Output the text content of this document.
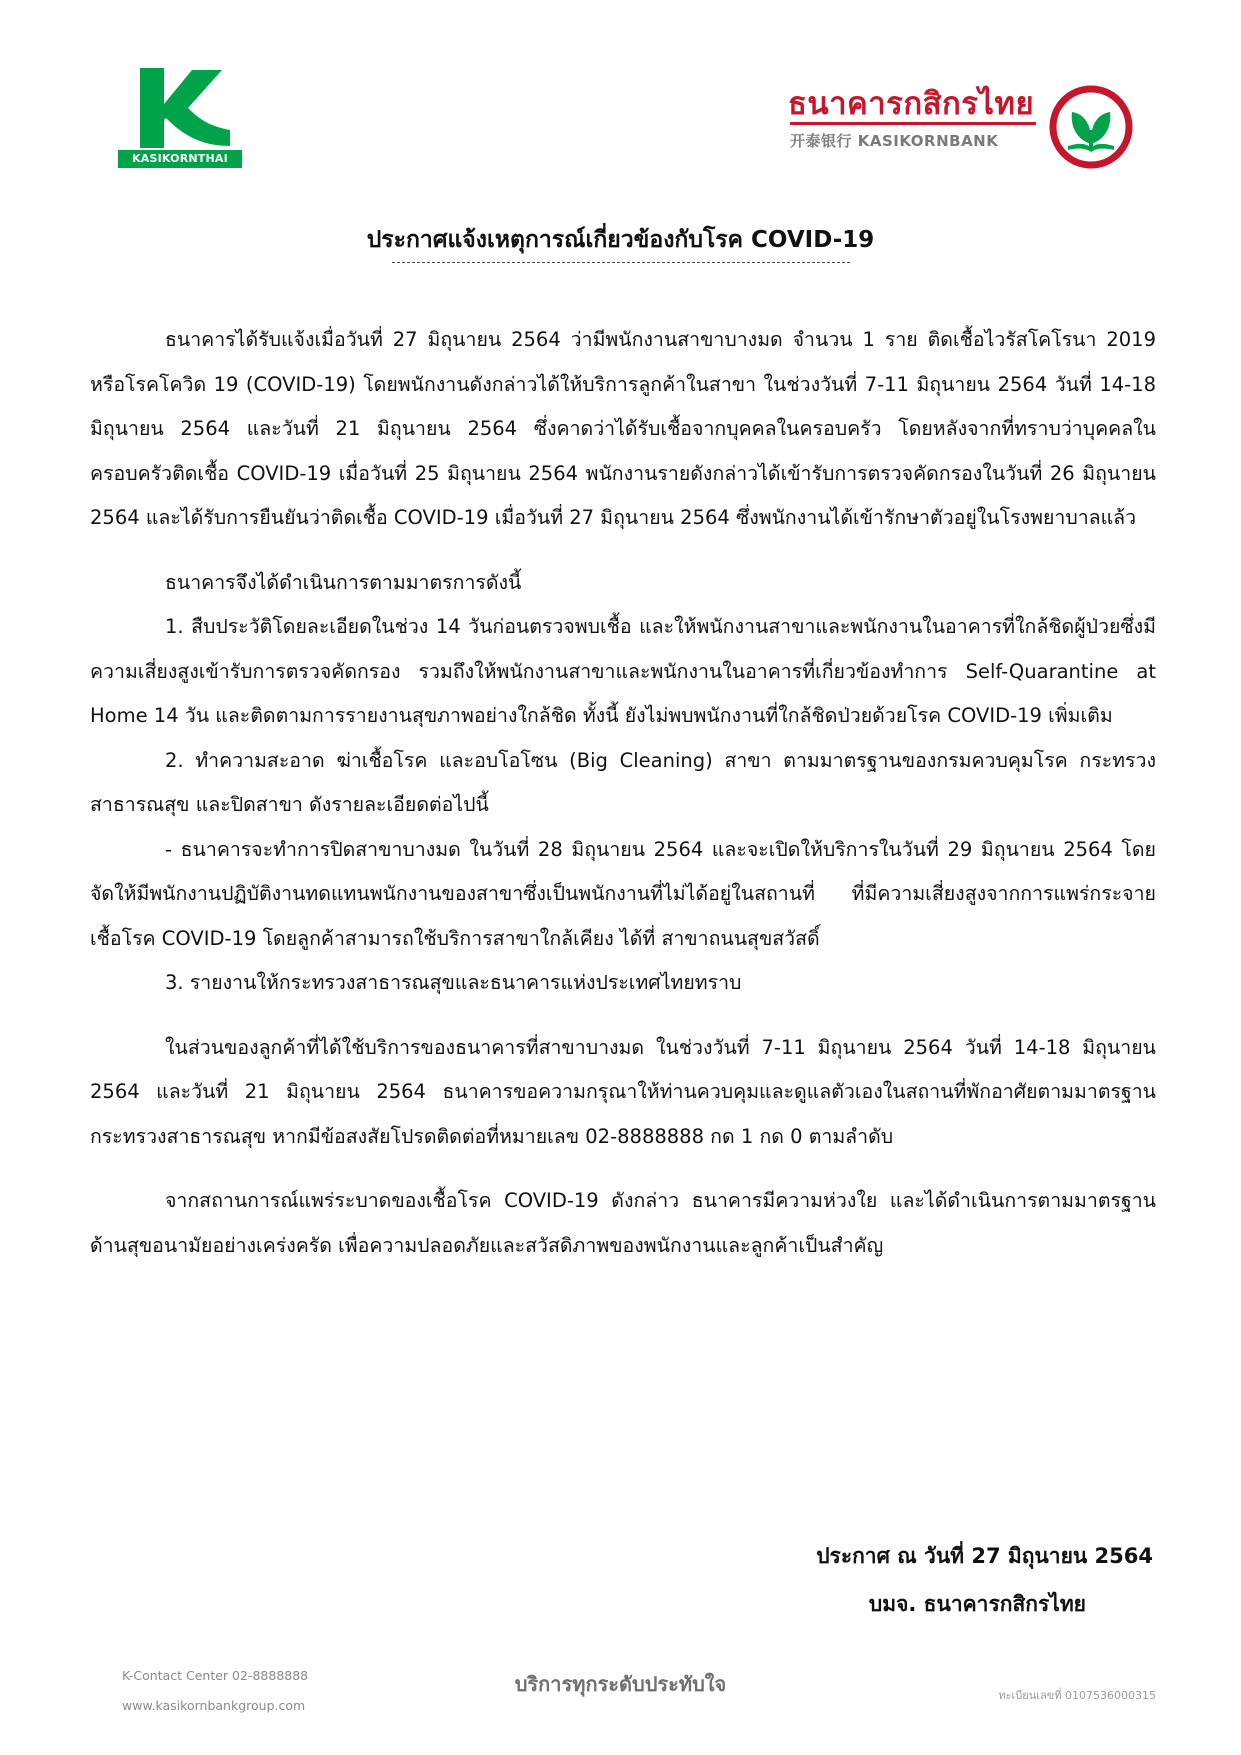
KASIKORNTHAI
ธนาคารกสิกรไทย
开泰银行 KASIKORNBANK
ประกาศแจ้งเหตุการณ์เกี่ยวข้องกับโรค COVID-19

ธนาคารได้รับแจ้งเมื่อวันที่ 27 มิถุนายน 2564 ว่ามีพนักงานสาขาบางมด จำนวน 1 ราย ติดเชื้อไวรัสโคโรนา 2019 หรือโรคโควิด 19 (COVID-19) โดยพนักงานดังกล่าวได้ให้บริการลูกค้าในสาขา ในช่วงวันที่ 7-11 มิถุนายน 2564 วันที่ 14-18 มิถุนายน 2564 และวันที่ 21 มิถุนายน 2564 ซึ่งคาดว่าได้รับเชื้อจากบุคคลในครอบครัว โดยหลังจากที่ทราบว่าบุคคลในครอบครัวติดเชื้อ COVID-19 เมื่อวันที่ 25 มิถุนายน 2564 พนักงานรายดังกล่าวได้เข้ารับการตรวจคัดกรองในวันที่ 26 มิถุนายน 2564 และได้รับการยืนยันว่าติดเชื้อ COVID-19 เมื่อวันที่ 27 มิถุนายน 2564 ซึ่งพนักงานได้เข้ารักษาตัวอยู่ในโรงพยาบาลแล้ว

ธนาคารจึงได้ดำเนินการตามมาตรการดังนี้

1. สืบประวัติโดยละเอียดในช่วง 14 วันก่อนตรวจพบเชื้อ และให้พนักงานสาขาและพนักงานในอาคารที่ใกล้ชิดผู้ป่วยซึ่งมีความเสี่ยงสูงเข้ารับการตรวจคัดกรอง รวมถึงให้พนักงานสาขาและพนักงานในอาคารที่เกี่ยวข้องทำการ Self-Quarantine at Home 14 วัน และติดตามการรายงานสุขภาพอย่างใกล้ชิด ทั้งนี้ ยังไม่พบพนักงานที่ใกล้ชิดป่วยด้วยโรค COVID-19 เพิ่มเติม

2. ทำความสะอาด ฆ่าเชื้อโรค และอบโอโซน (Big Cleaning) สาขา ตามมาตรฐานของกรมควบคุมโรค กระทรวงสาธารณสุข และปิดสาขา ดังรายละเอียดต่อไปนี้

- ธนาคารจะทำการปิดสาขาบางมด ในวันที่ 28 มิถุนายน 2564 และจะเปิดให้บริการในวันที่ 29 มิถุนายน 2564 โดยจัดให้มีพนักงานปฏิบัติงานทดแทนพนักงานของสาขาซึ่งเป็นพนักงานที่ไม่ได้อยู่ในสถานที่ ที่มีความเสี่ยงสูงจากการแพร่กระจายเชื้อโรค COVID-19 โดยลูกค้าสามารถใช้บริการสาขาใกล้เคียง ได้ที่ สาขาถนนสุขสวัสดิ์

3. รายงานให้กระทรวงสาธารณสุขและธนาคารแห่งประเทศไทยทราบ

ในส่วนของลูกค้าที่ได้ใช้บริการของธนาคารที่สาขาบางมด ในช่วงวันที่ 7-11 มิถุนายน 2564 วันที่ 14-18 มิถุนายน 2564 และวันที่ 21 มิถุนายน 2564 ธนาคารขอความกรุณาให้ท่านควบคุมและดูแลตัวเองในสถานที่พักอาศัยตามมาตรฐานกระทรวงสาธารณสุข หากมีข้อสงสัยโปรดติดต่อที่หมายเลข 02-8888888 กด 1 กด 0 ตามลำดับ

จากสถานการณ์แพร่ระบาดของเชื้อโรค COVID-19 ดังกล่าว ธนาคารมีความห่วงใย และได้ดำเนินการตามมาตรฐานด้านสุขอนามัยอย่างเคร่งครัด เพื่อความปลอดภัยและสวัสดิภาพของพนักงานและลูกค้าเป็นสำคัญ

ประกาศ ณ วันที่ 27 มิถุนายน 2564
บมจ. ธนาคารกสิกรไทย
K-Contact Center 02-8888888
www.kasikornbankgroup.com
บริการทุกระดับประทับใจ	ทะเบียนเลขที่ 0107536000315
